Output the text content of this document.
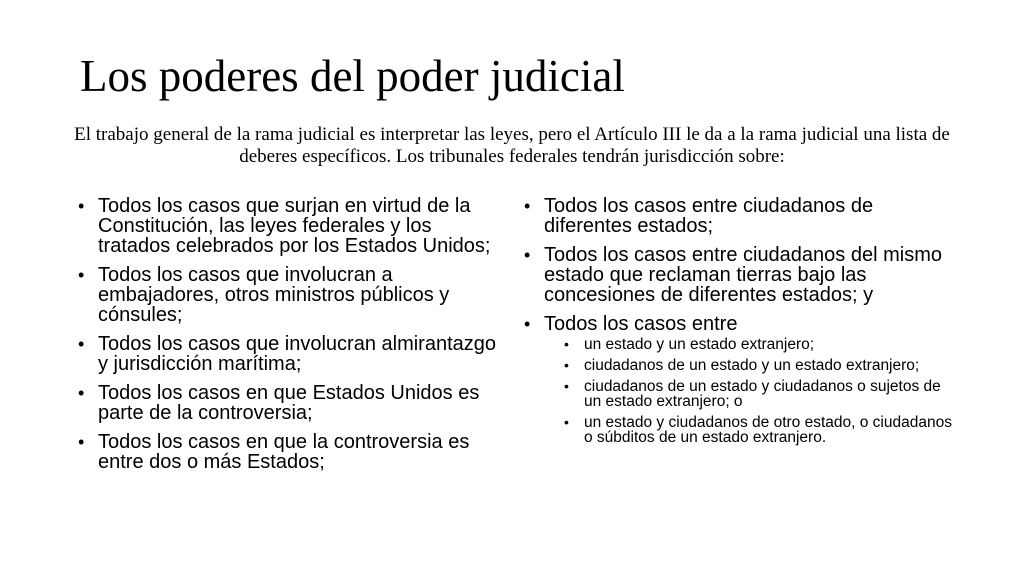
Los poderes del poder judicial

El trabajo general de la rama judicial es interpretar las leyes, pero el Artículo III le da a la rama judicial una lista de deberes específicos. Los tribunales federales tendrán jurisdicción sobre:

• Todos los casos que surjan en virtud de la Constitución, las leyes federales y los tratados celebrados por los Estados Unidos;
• Todos los casos que involucran a embajadores, otros ministros públicos y cónsules;
• Todos los casos que involucran almirantazgo y jurisdicción marítima;
• Todos los casos en que Estados Unidos es parte de la controversia;
• Todos los casos en que la controversia es entre dos o más Estados;
• Todos los casos entre ciudadanos de diferentes estados;
• Todos los casos entre ciudadanos del mismo estado que reclaman tierras bajo las concesiones de diferentes estados; y
• Todos los casos entre
• un estado y un estado extranjero;
• ciudadanos de un estado y un estado extranjero;
• ciudadanos de un estado y ciudadanos o sujetos de un estado extranjero; o
• un estado y ciudadanos de otro estado, o ciudadanos o súbditos de un estado extranjero.
